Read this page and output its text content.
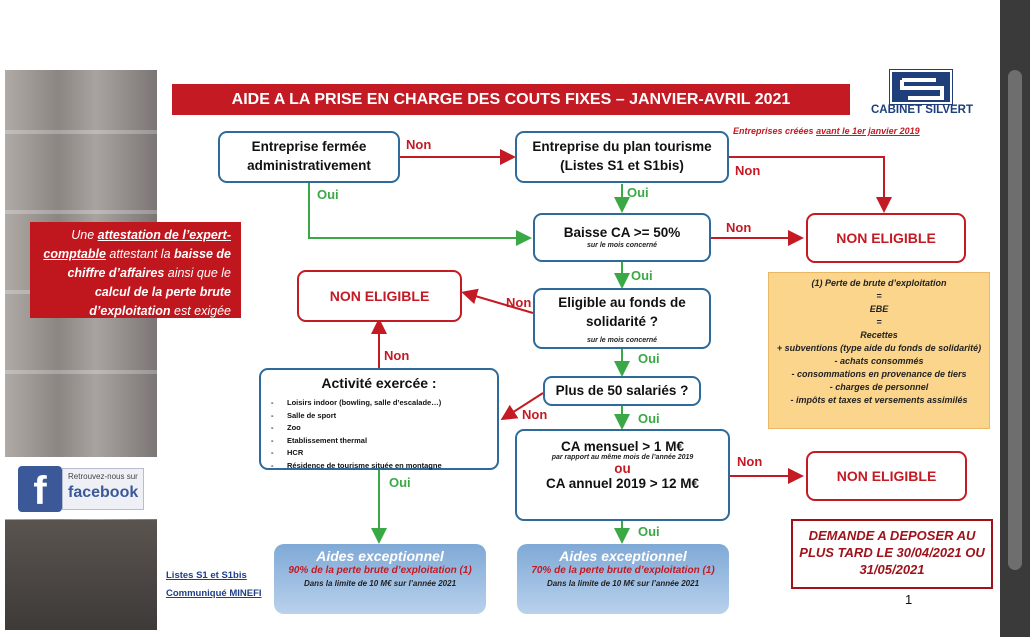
Une attestation de l’expert-comptable attestant la baisse de chiffre d’affaires ainsi que le calcul de la perte brute d’exploitation est exigée
f	Retrouvez-nous sur
facebook
AIDE A LA PRISE EN CHARGE DES COUTS FIXES – JANVIER-AVRIL 2021
CABINET SILVERT
Entreprises créées avant le 1er janvier 2019
Entreprise fermée administrativement
Entreprise du plan tourisme (Listes S1 et S1bis)
Baisse CA >= 50%
sur le mois concerné
Eligible au fonds de solidarité ?
sur le mois concerné
Plus de 50 salariés ?
CA mensuel > 1 M€
par rapport au même mois de l’année 2019
ou
CA annuel 2019 > 12 M€
Activité exercée :
- Loisirs indoor (bowling, salle d’escalade…)
- Salle de sport
- Zoo
- Etablissement thermal
- HCR
- Résidence de tourisme située en montagne
NON ELIGIBLE
NON ELIGIBLE
NON ELIGIBLE
Non
Non
Non
Non
Non
Non
Non
Oui	Oui
Oui
Oui
Oui
Oui
Oui
(1) Perte de brute d’exploitation
=
EBE
=
Recettes
+ subventions (type aide du fonds de solidarité)
- achats consommés
- consommations en provenance de tiers
- charges de personnel
- impôts et taxes et versements assimilés
Aides exceptionnel
90% de la perte brute d’exploitation (1)
Dans la limite de 10 M€ sur l’année 2021
Aides exceptionnel
70% de la perte brute d’exploitation (1)
Dans la limite de 10 M€ sur l’année 2021
DEMANDE A DEPOSER AU PLUS TARD LE 30/04/2021 OU 31/05/2021
Listes S1 et S1bis
Communiqué MINEFI	1
